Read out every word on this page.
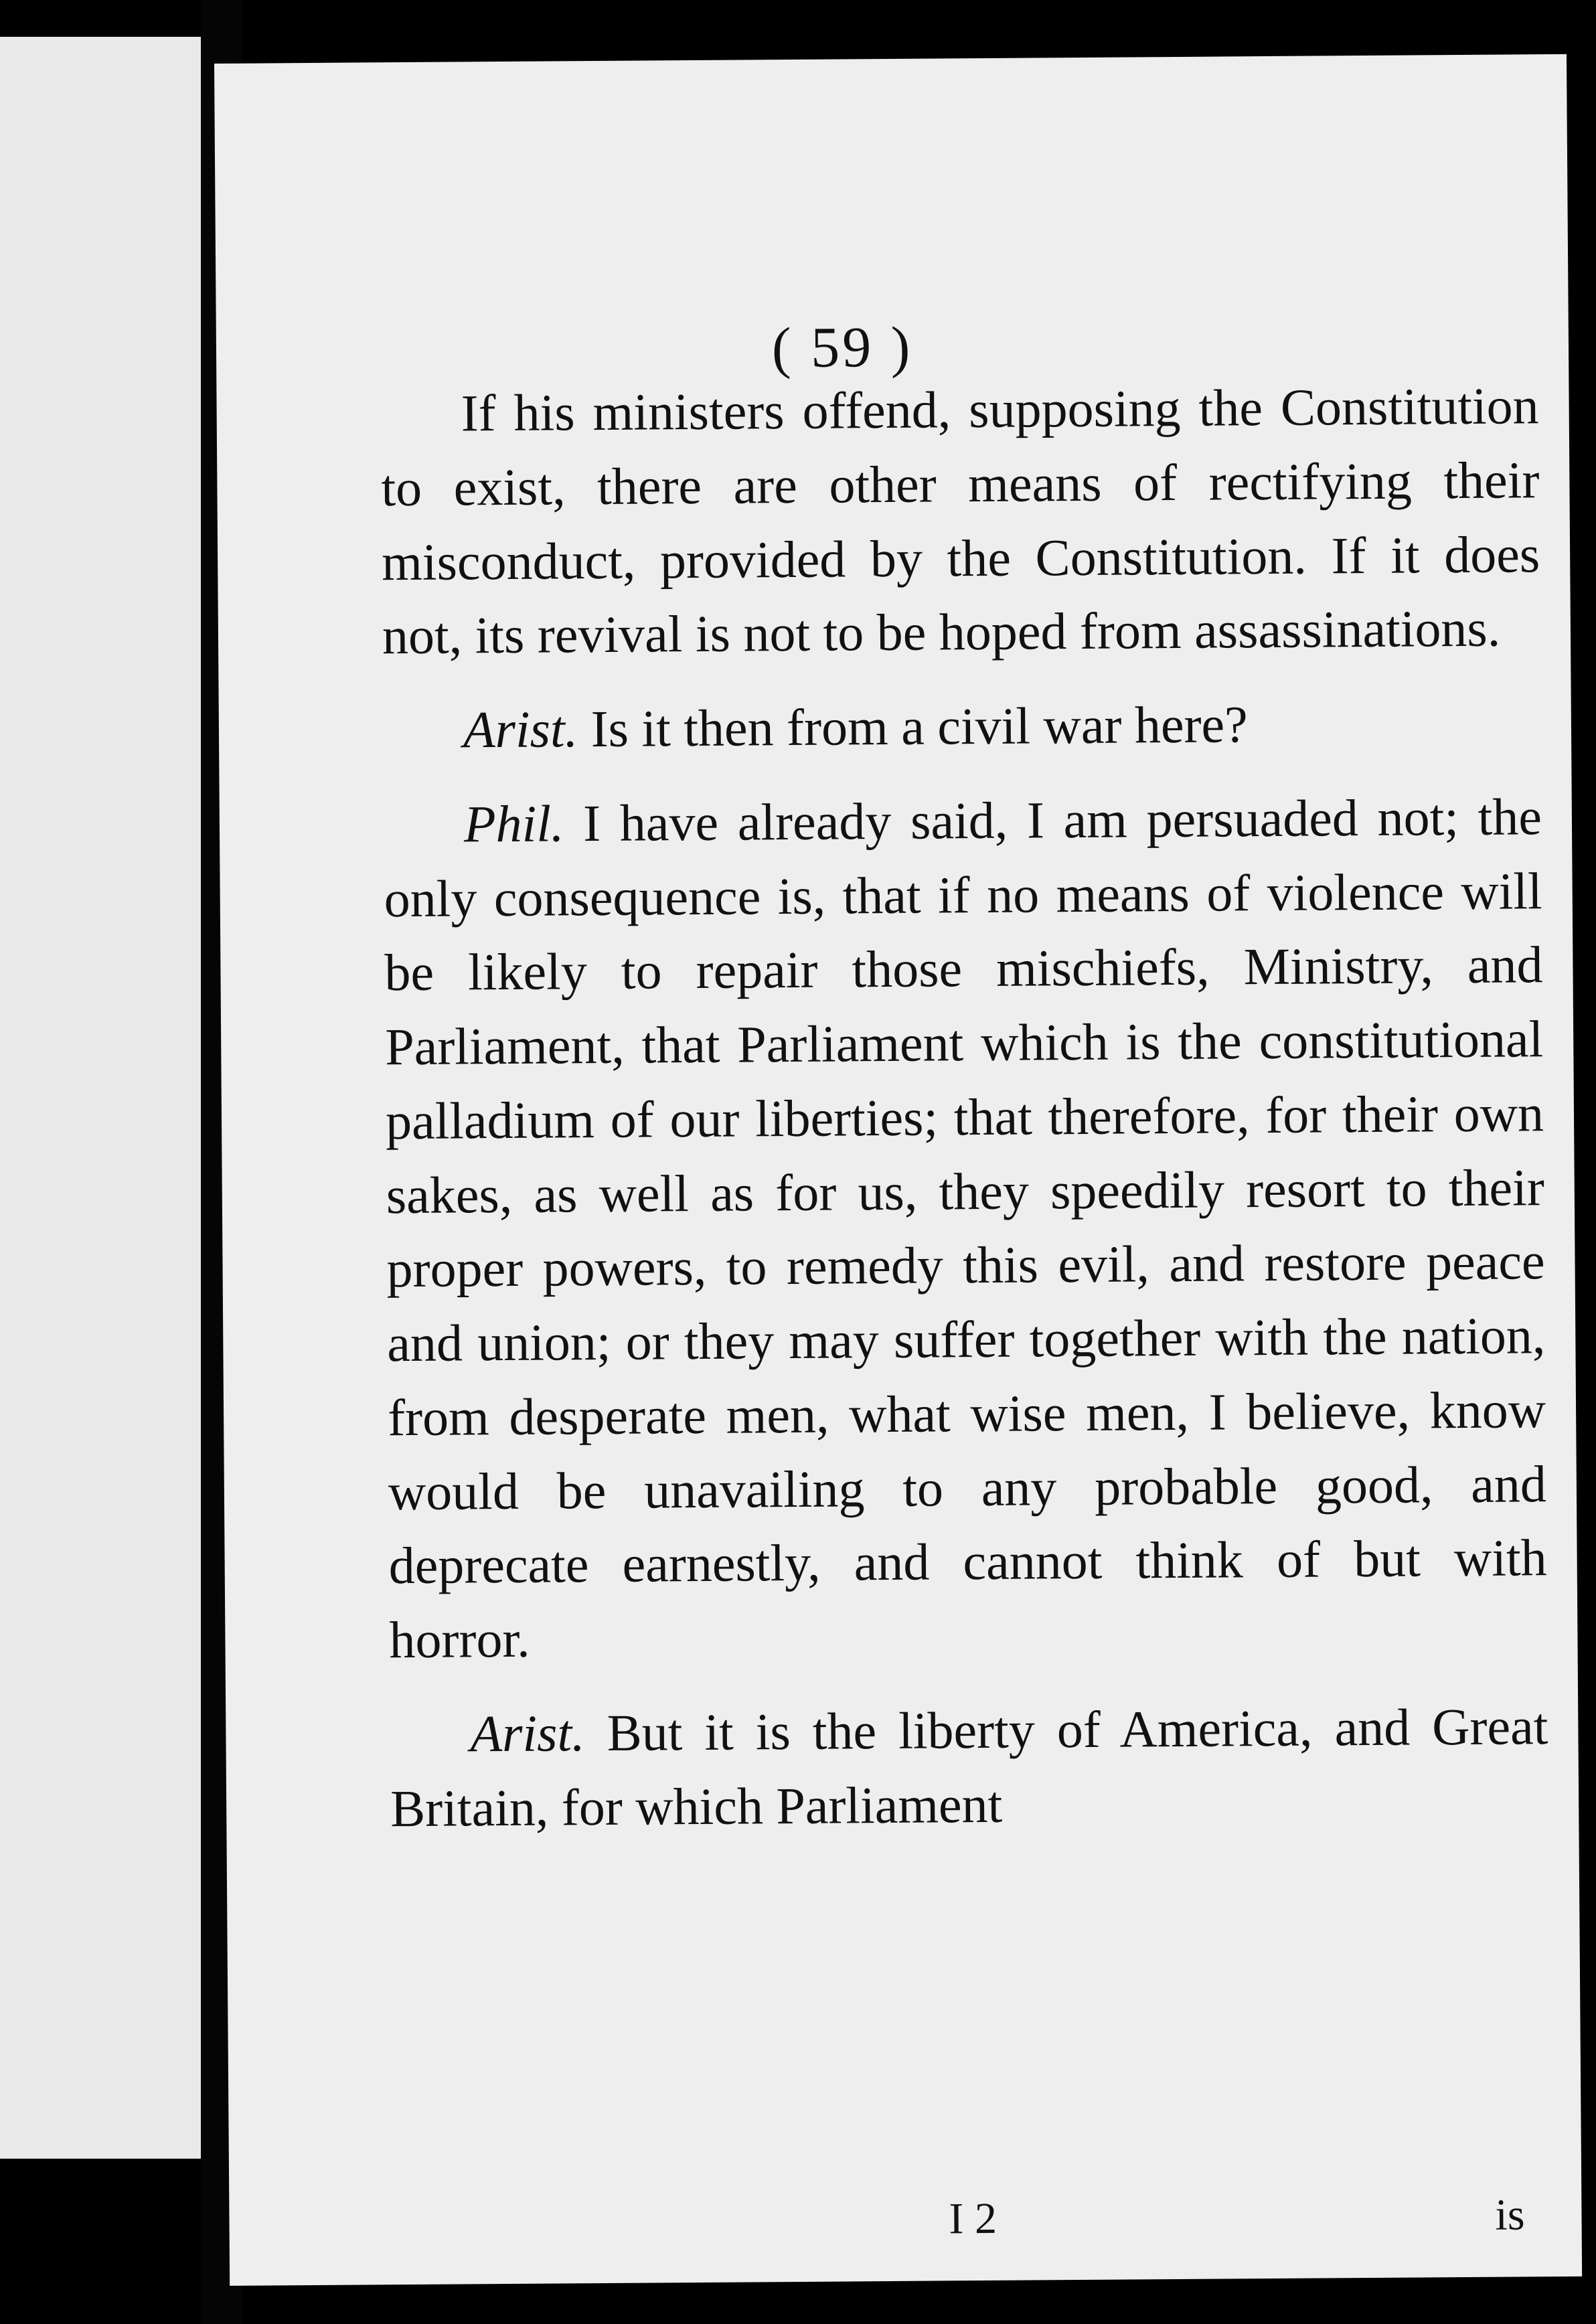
( 59 )

If his ministers offend, supposing the Constitution to exist, there are other means of rectifying their misconduct, provided by the Constitution. If it does not, its revival is not to be hoped from assassinations.

Arist. Is it then from a civil war here?

Phil. I have already said, I am persuaded not; the only consequence is, that if no means of violence will be likely to repair those mischiefs, Ministry, and Parliament, that Parliament which is the constitutional palladium of our liberties; that therefore, for their own sakes, as well as for us, they speedily resort to their proper powers, to remedy this evil, and restore peace and union; or they may suffer together with the nation, from desperate men, what wise men, I believe, know would be unavailing to any probable good, and deprecate earnestly, and cannot think of but with horror.

Arist. But it is the liberty of America, and Great Britain, for which Parliament

I 2	is
